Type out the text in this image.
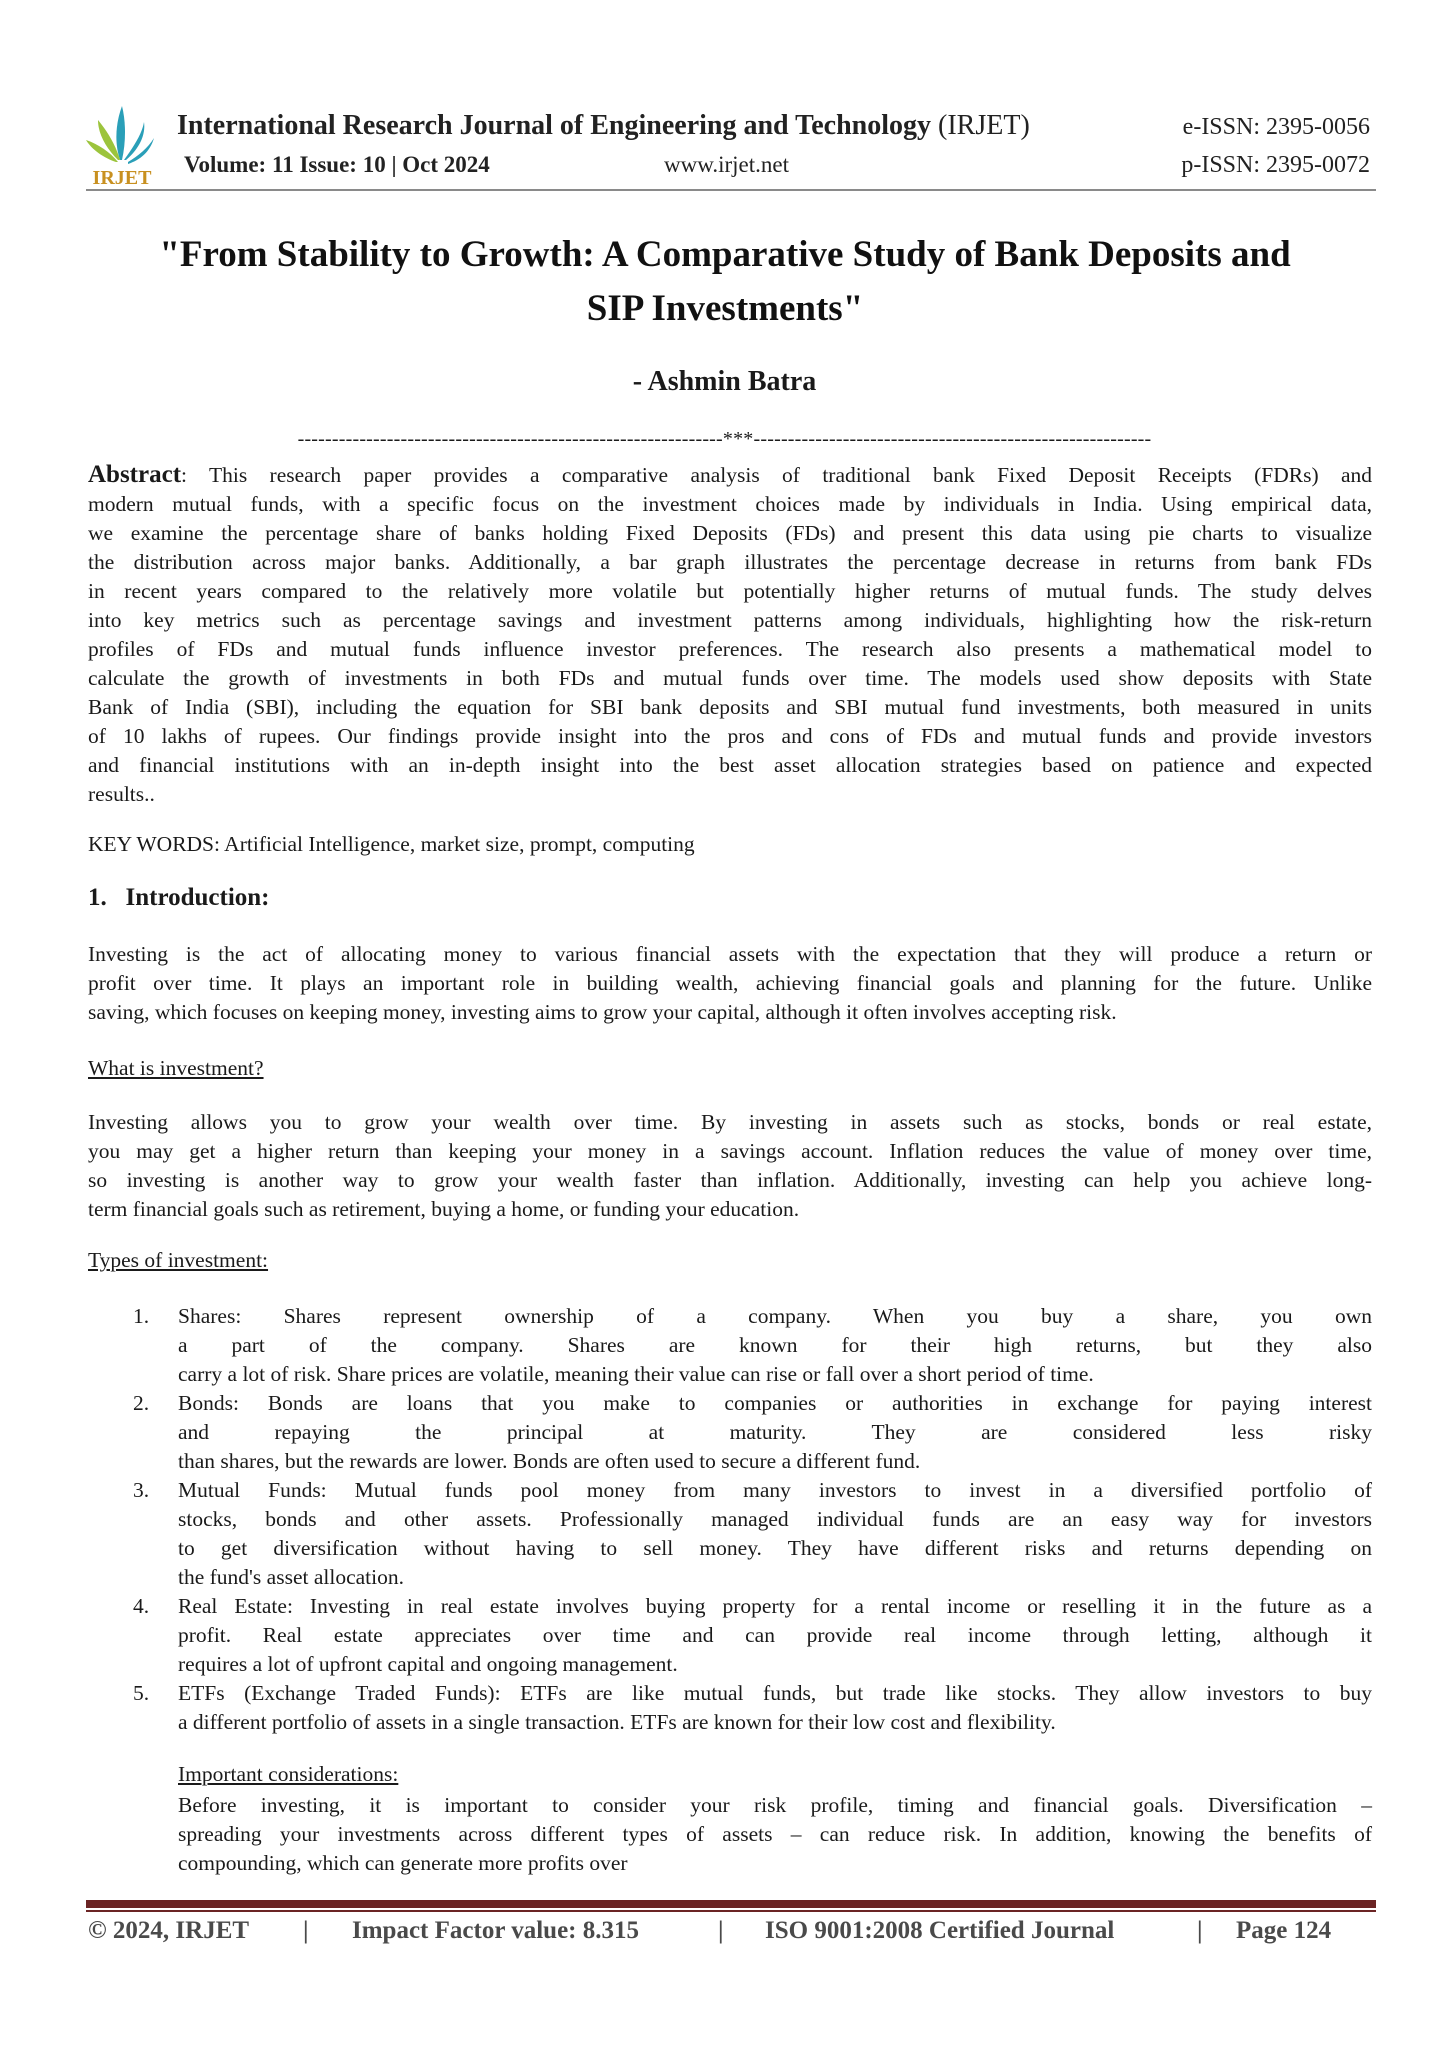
IRJET
International Research Journal of Engineering and Technology (IRJET)
Volume: 11 Issue: 10 | Oct 2024	www.irjet.net
e-ISSN: 2395-0056
p-ISSN: 2395-0072
"From Stability to Growth: A Comparative Study of Bank Deposits and
SIP Investments"
- Ashmin Batra
--------------------------------------------------------------***----------------------------------------------------------
Abstract: This research paper provides a comparative analysis of traditional bank Fixed Deposit Receipts (FDRs) and
modern mutual funds, with a specific focus on the investment choices made by individuals in India. Using empirical data,
we examine the percentage share of banks holding Fixed Deposits (FDs) and present this data using pie charts to visualize
the distribution across major banks. Additionally, a bar graph illustrates the percentage decrease in returns from bank FDs
in recent years compared to the relatively more volatile but potentially higher returns of mutual funds. The study delves
into key metrics such as percentage savings and investment patterns among individuals, highlighting how the risk-return
profiles of FDs and mutual funds influence investor preferences. The research also presents a mathematical model to
calculate the growth of investments in both FDs and mutual funds over time. The models used show deposits with State
Bank of India (SBI), including the equation for SBI bank deposits and SBI mutual fund investments, both measured in units
of 10 lakhs of rupees. Our findings provide insight into the pros and cons of FDs and mutual funds and provide investors
and financial institutions with an in-depth insight into the best asset allocation strategies based on patience and expected
results..
KEY WORDS: Artificial Intelligence, market size, prompt, computing
1.   Introduction:
Investing is the act of allocating money to various financial assets with the expectation that they will produce a return or
profit over time. It plays an important role in building wealth, achieving financial goals and planning for the future. Unlike
saving, which focuses on keeping money, investing aims to grow your capital, although it often involves accepting risk.
What is investment?
Investing allows you to grow your wealth over time. By investing in assets such as stocks, bonds or real estate,
you may get a higher return than keeping your money in a savings account. Inflation reduces the value of money over time,
so investing is another way to grow your wealth faster than inflation. Additionally, investing can help you achieve long-
term financial goals such as retirement, buying a home, or funding your education.
Types of investment:
1. Shares: Shares represent ownership of a company. When you buy a share, you own
a part of the company. Shares are known for their high returns, but they also
carry a lot of risk. Share prices are volatile, meaning their value can rise or fall over a short period of time.
2. Bonds: Bonds are loans that you make to companies or authorities in exchange for paying interest
and repaying the principal at maturity. They are considered less risky
than shares, but the rewards are lower. Bonds are often used to secure a different fund.
3. Mutual Funds: Mutual funds pool money from many investors to invest in a diversified portfolio of
stocks, bonds and other assets. Professionally managed individual funds are an easy way for investors
to get diversification without having to sell money. They have different risks and returns depending on
the fund's asset allocation.
4. Real Estate: Investing in real estate involves buying property for a rental income or reselling it in the future as a
profit. Real estate appreciates over time and can provide real income through letting, although it
requires a lot of upfront capital and ongoing management.
5. ETFs (Exchange Traded Funds): ETFs are like mutual funds, but trade like stocks. They allow investors to buy
a different portfolio of assets in a single transaction. ETFs are known for their low cost and flexibility.
Important considerations:
Before investing, it is important to consider your risk profile, timing and financial goals. Diversification –
spreading your investments across different types of assets – can reduce risk. In addition, knowing the benefits of
compounding, which can generate more profits over
© 2024, IRJET | Impact Factor value: 8.315	| ISO 9001:2008 Certified Journal	| Page 124
